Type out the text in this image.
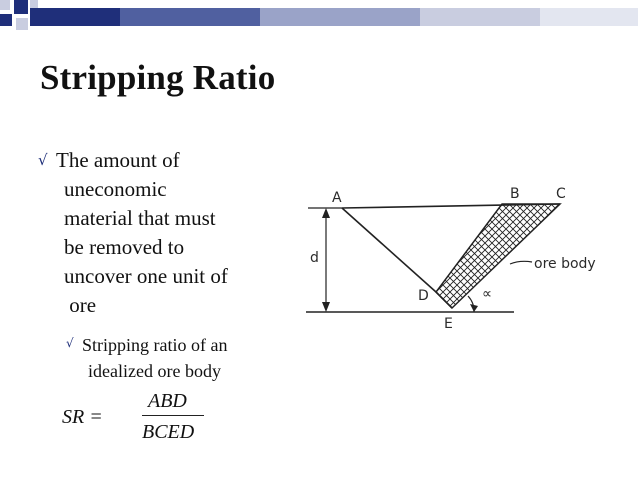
Stripping Ratio
√ The amount of
uneconomic
material that must
be removed to
uncover one unit of
ore
√ Stripping ratio of an
idealized ore body
SR =
ABD
BCED
A	B	C
D
E
d	ore body
∝
